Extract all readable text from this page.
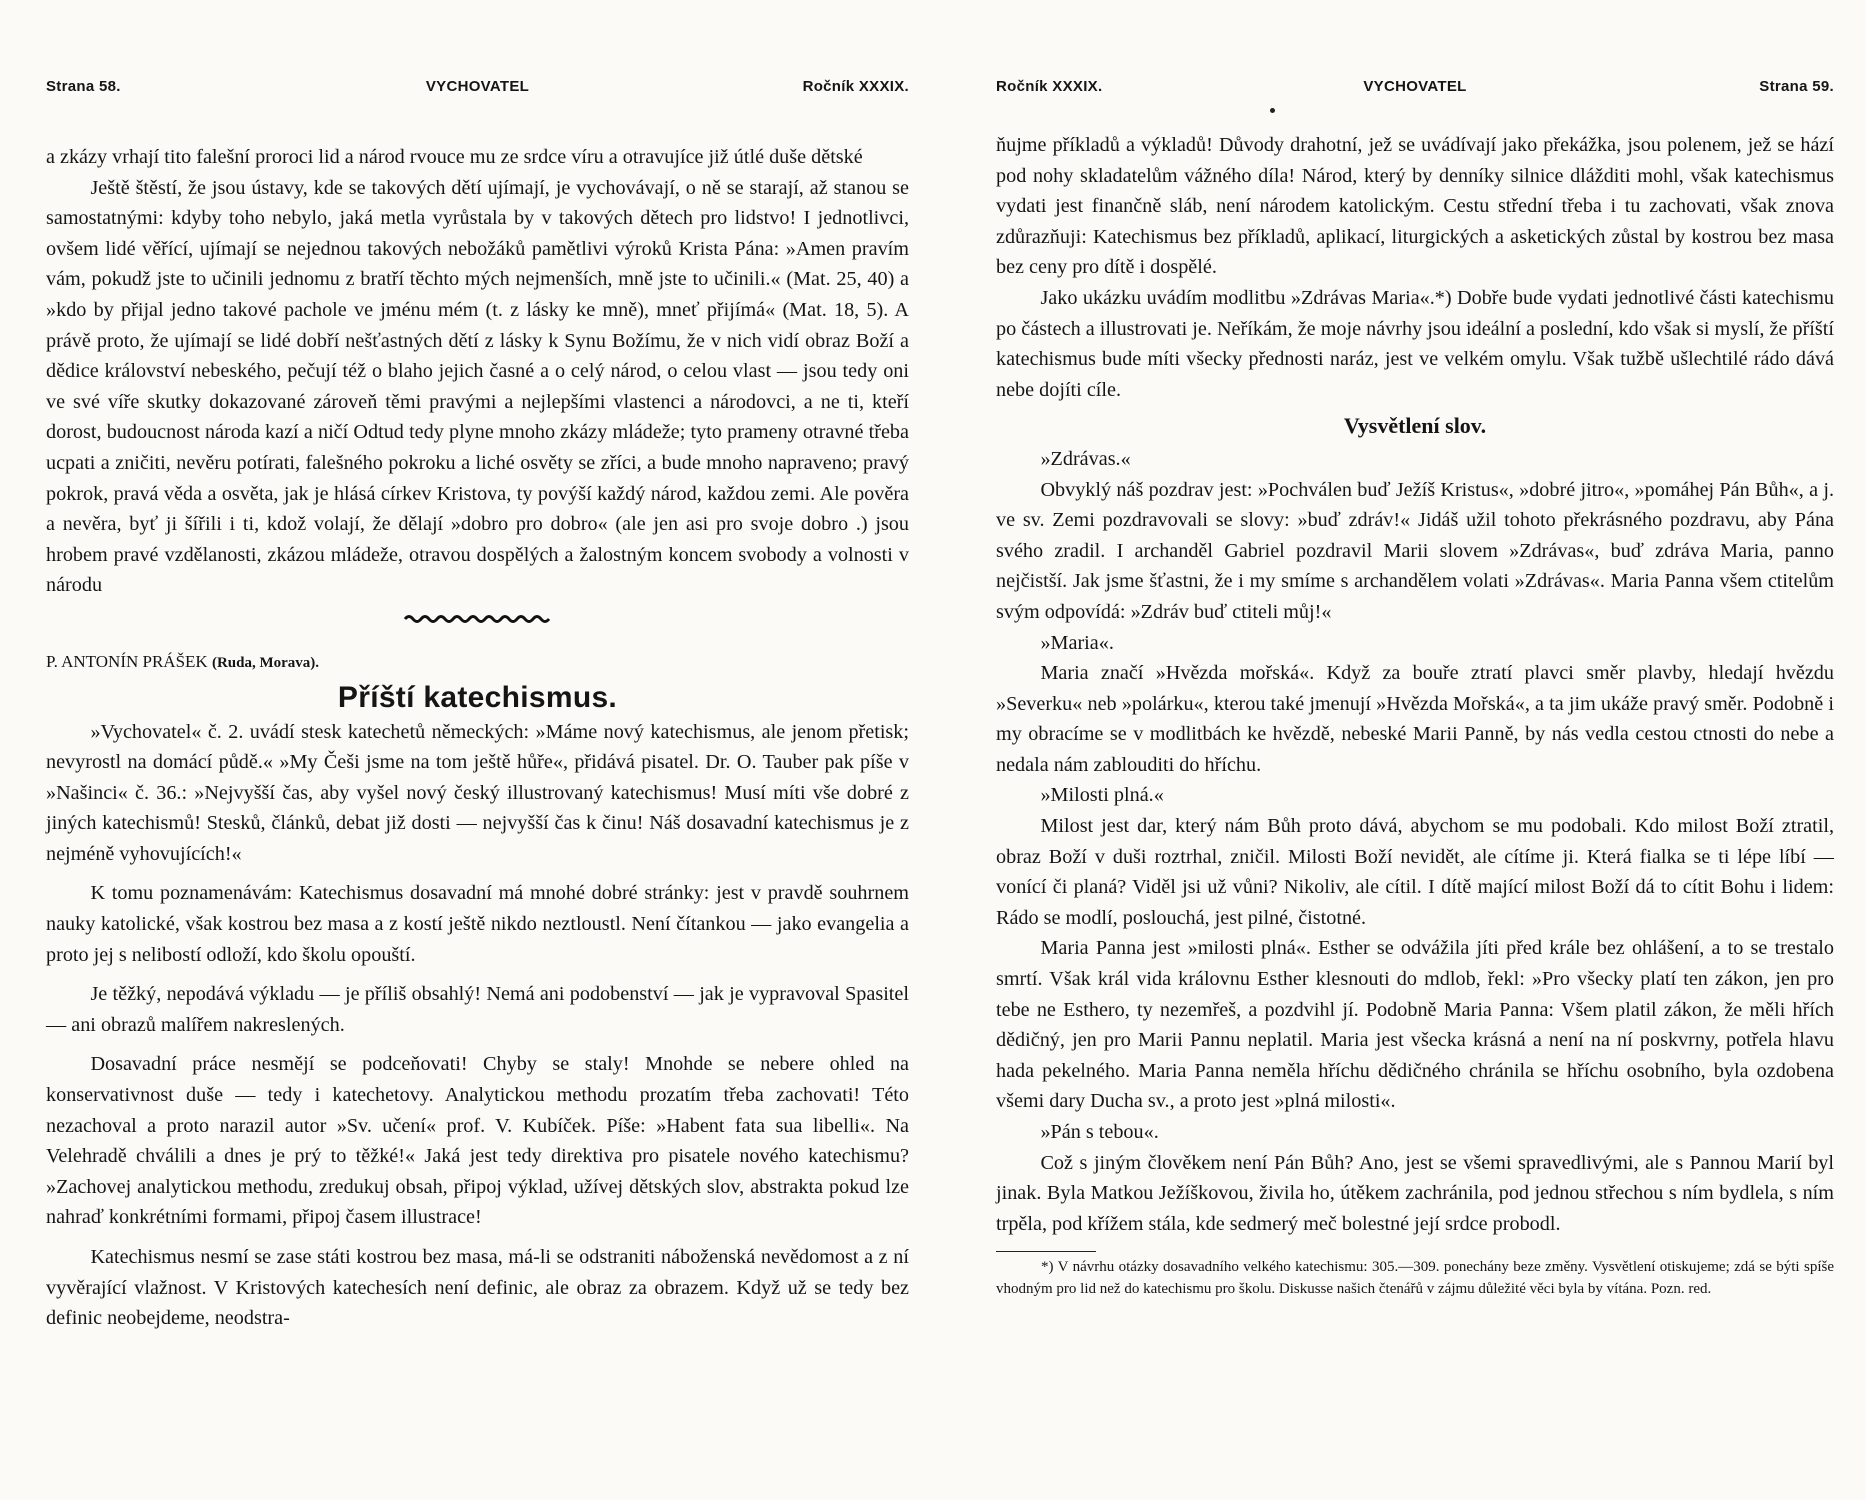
Strana 58.	VYCHOVATEL	Ročník XXXIX.

a zkázy vrhají tito falešní proroci lid a národ rvouce mu ze srdce víru a otravujíce již útlé duše dětské

Ještě štěstí, že jsou ústavy, kde se takových dětí ujímají, je vychovávají, o ně se starají, až stanou se samostatnými: kdyby toho nebylo, jaká metla vyrůstala by v takových dětech pro lidstvo! I jednotlivci, ovšem lidé věřící, ujímají se nejednou takových nebožáků pamětlivi výroků Krista Pána: »Amen pravím vám, pokudž jste to učinili jednomu z bratří těchto mých nejmenších, mně jste to učinili.« (Mat. 25, 40) a »kdo by přijal jedno takové pachole ve jménu mém (t. z lásky ke mně), mneť přijímá« (Mat. 18, 5). A právě proto, že ujímají se lidé dobří nešťastných dětí z lásky k Synu Božímu, že v nich vidí obraz Boží a dědice království nebeského, pečují též o blaho jejich časné a o celý národ, o celou vlast — jsou tedy oni ve své víře skutky dokazované zároveň těmi pravými a nejlepšími vlastenci a národovci, a ne ti, kteří dorost, budoucnost národa kazí a ničí Odtud tedy plyne mnoho zkázy mládeže; tyto prameny otravné třeba ucpati a zničiti, nevěru potírati, falešného pokroku a liché osvěty se zříci, a bude mnoho napraveno; pravý pokrok, pravá věda a osvěta, jak je hlásá církev Kristova, ty povýší každý národ, každou zemi. Ale pověra a nevěra, byť ji šířili i ti, kdož volají, že dělají »dobro pro dobro« (ale jen asi pro svoje dobro .) jsou hrobem pravé vzdělanosti, zkázou mládeže, otravou dospělých a žalostným koncem svobody a volnosti v národu

P. ANTONÍN PRÁŠEK (Ruda, Morava).
Příští katechismus.

»Vychovatel« č. 2. uvádí stesk katechetů německých: »Máme nový katechismus, ale jenom přetisk; nevyrostl na domácí půdě.« »My Češi jsme na tom ještě hůře«, přidává pisatel. Dr. O. Tauber pak píše v »Našinci« č. 36.: »Nejvyšší čas, aby vyšel nový český illustrovaný katechismus! Musí míti vše dobré z jiných katechismů! Stesků, článků, debat již dosti — nejvyšší čas k činu! Náš dosavadní katechismus je z nejméně vyhovujících!«

K tomu poznamenávám: Katechismus dosavadní má mnohé dobré stránky: jest v pravdě souhrnem nauky katolické, však kostrou bez masa a z kostí ještě nikdo neztloustl. Není čítankou — jako evangelia a proto jej s nelibostí odloží, kdo školu opouští.

Je těžký, nepodává výkladu — je příliš obsahlý! Nemá ani podobenství — jak je vypravoval Spasitel — ani obrazů malířem nakreslených.

Dosavadní práce nesmějí se podceňovati! Chyby se staly! Mnohde se nebere ohled na konservativnost duše — tedy i katechetovy. Analytickou methodu prozatím třeba zachovati! Této nezachoval a proto narazil autor »Sv. učení« prof. V. Kubíček. Píše: »Habent fata sua libelli«. Na Velehradě chválili a dnes je prý to těžké!« Jaká jest tedy direktiva pro pisatele nového katechismu? »Zachovej analytickou methodu, zredukuj obsah, připoj výklad, užívej dětských slov, abstrakta pokud lze nahraď konkrétními formami, připoj časem illustrace!

Katechismus nesmí se zase státi kostrou bez masa, má-li se odstraniti náboženská nevědomost a z ní vyvěrající vlažnost. V Kristových katechesích není definic, ale obraz za obrazem. Když už se tedy bez definic neobejdeme, neodstra-

Ročník XXXIX.	VYCHOVATEL	Strana 59.

ňujme příkladů a výkladů! Důvody drahotní, jež se uvádívají jako překážka, jsou polenem, jež se hází pod nohy skladatelům vážného díla! Národ, který by denníky silnice dlážditi mohl, však katechismus vydati jest finančně sláb, není národem katolickým. Cestu střední třeba i tu zachovati, však znova zdůrazňuji: Katechismus bez příkladů, aplikací, liturgických a asketických zůstal by kostrou bez masa bez ceny pro dítě i dospělé.

Jako ukázku uvádím modlitbu »Zdrávas Maria«.*) Dobře bude vydati jednotlivé části katechismu po částech a illustrovati je. Neříkám, že moje návrhy jsou ideální a poslední, kdo však si myslí, že příští katechismus bude míti všecky přednosti naráz, jest ve velkém omylu. Však tužbě ušlechtilé rádo dává nebe dojíti cíle.

Vysvětlení slov.

»Zdrávas.«

Obvyklý náš pozdrav jest: »Pochválen buď Ježíš Kristus«, »dobré jitro«, »pomáhej Pán Bůh«, a j. ve sv. Zemi pozdravovali se slovy: »buď zdráv!« Jidáš užil tohoto překrásného pozdravu, aby Pána svého zradil. I archanděl Gabriel pozdravil Marii slovem »Zdrávas«, buď zdráva Maria, panno nejčistší. Jak jsme šťastni, že i my smíme s archandělem volati »Zdrávas«. Maria Panna všem ctitelům svým odpovídá: »Zdráv buď ctiteli můj!«

»Maria«.

Maria značí »Hvězda mořská«. Když za bouře ztratí plavci směr plavby, hledají hvězdu »Severku« neb »polárku«, kterou také jmenují »Hvězda Mořská«, a ta jim ukáže pravý směr. Podobně i my obracíme se v modlitbách ke hvězdě, nebeské Marii Panně, by nás vedla cestou ctnosti do nebe a nedala nám zablouditi do hříchu.

»Milosti plná.«

Milost jest dar, který nám Bůh proto dává, abychom se mu podobali. Kdo milost Boží ztratil, obraz Boží v duši roztrhal, zničil. Milosti Boží nevidět, ale cítíme ji. Která fialka se ti lépe líbí — vonící či planá? Viděl jsi už vůni? Nikoliv, ale cítil. I dítě mající milost Boží dá to cítit Bohu i lidem: Rádo se modlí, poslouchá, jest pilné, čistotné.

Maria Panna jest »milosti plná«. Esther se odvážila jíti před krále bez ohlášení, a to se trestalo smrtí. Však král vida královnu Esther klesnouti do mdlob, řekl: »Pro všecky platí ten zákon, jen pro tebe ne Esthero, ty nezemřeš, a pozdvihl jí. Podobně Maria Panna: Všem platil zákon, že měli hřích dědičný, jen pro Marii Pannu neplatil. Maria jest všecka krásná a není na ní poskvrny, potřela hlavu hada pekelného. Maria Panna neměla hříchu dědičného chránila se hříchu osobního, byla ozdobena všemi dary Ducha sv., a proto jest »plná milosti«.

»Pán s tebou«.

Což s jiným člověkem není Pán Bůh? Ano, jest se všemi spravedlivými, ale s Pannou Marií byl jinak. Byla Matkou Ježíškovou, živila ho, útěkem zachránila, pod jednou střechou s ním bydlela, s ním trpěla, pod křížem stála, kde sedmerý meč bolestné její srdce probodl.

*) V návrhu otázky dosavadního velkého katechismu: 305.—309. ponechány beze změny. Vysvětlení otiskujeme; zdá se býti spíše vhodným pro lid než do katechismu pro školu. Diskusse našich čtenářů v zájmu důležité věci byla by vítána. Pozn. red.
